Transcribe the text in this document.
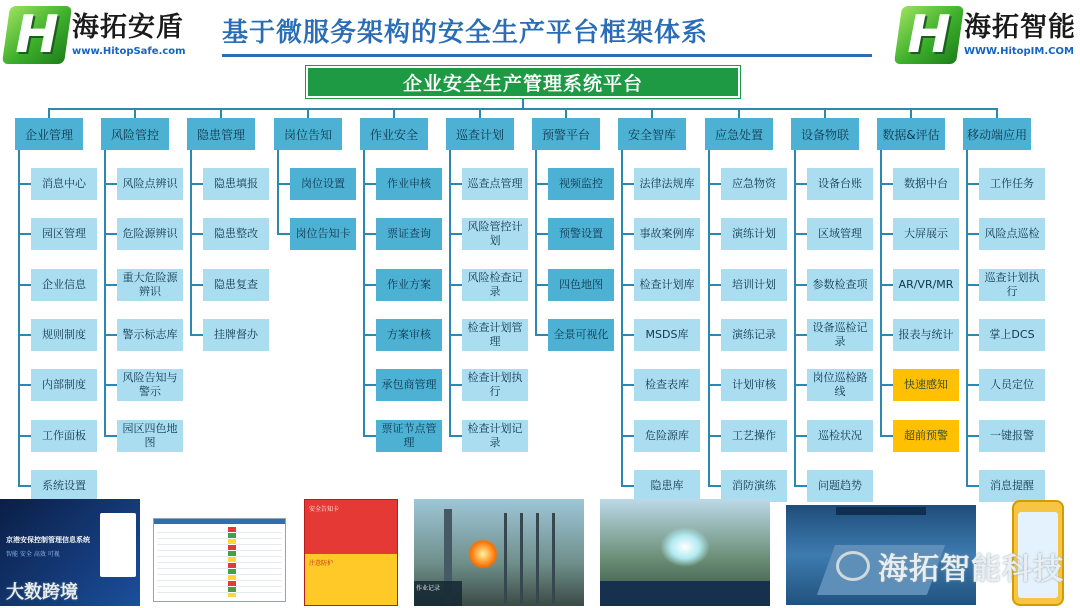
H 海拓安盾
www.HitopSafe.com
基于微服务架构的安全生产平台框架体系	H 海拓智能
WWW.HitopIM.COM
企业安全生产管理系统平台
企业管理
消息中心
园区管理
企业信息
规则制度
内部制度
工作面板
系统设置
风险管控
风险点辨识
危险源辨识
重大危险源辨识
警示标志库
风险告知与警示
园区四色地图
隐患管理
隐患填报
隐患整改
隐患复查
挂牌督办
岗位告知
岗位设置
岗位告知卡
作业安全
作业申核
票证查询
作业方案
方案审核
承包商管理
票证节点管理
巡查计划
巡查点管理
风险管控计划
风险检查记录
检查计划管理
检查计划执行
检查计划记录
预警平台
视频监控
预警设置
四色地图
全景可视化
安全智库
法律法规库
事故案例库
检查计划库
MSDS库
检查表库
危险源库
隐患库
应急处置
应急物资
演练计划
培训计划
演练记录
计划审核
工艺操作
消防演练
设备物联
设备台账
区域管理
参数检查项
设备巡检记录
岗位巡检路线
巡检状况
问题趋势
数据&评估
数据中台
大屏展示
AR/VR/MR
报表与统计
快速感知
超前预警
移动端应用
工作任务
风险点巡检
巡查计划执行
掌上DCS
人员定位
一键报警
消息提醒
京港安保控制管理信息系统
智能 安全 高效 可视
安全告知卡
注意防护
作业记录
海拓智能科技
大数跨境
